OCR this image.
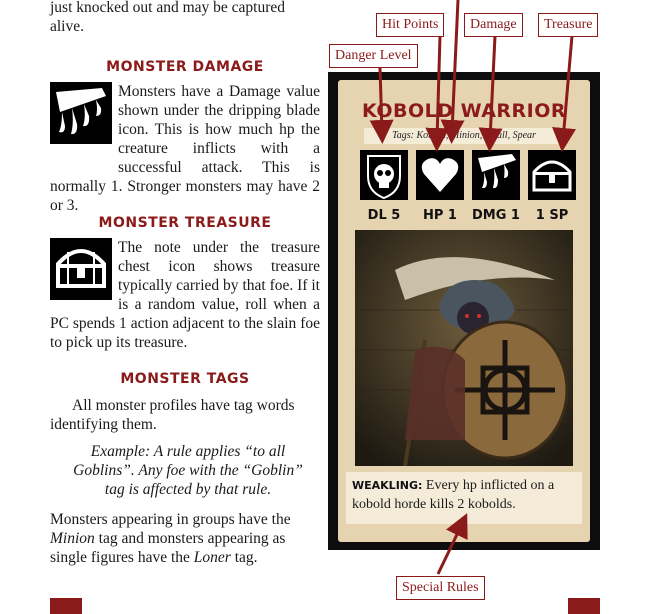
just knocked out and may be captured alive.

MONSTER DAMAGE

Monsters have a Damage value shown under the dripping blade icon. This is how much hp the creature inflicts with a successful attack. This is normally 1. Stronger monsters may have 2 or 3.

MONSTER TREASURE

The note under the treasure chest icon shows treasure typically carried by that foe. If it is a random value, roll when a PC spends 1 action adjacent to the slain foe to pick up its treasure.

MONSTER TAGS

All monster profiles have tag words identifying them.

Example: A rule applies “to all Goblins”. Any foe with the “Goblin” tag is affected by that rule.

Monsters appearing in groups have the Minion tag and monsters appearing as single figures have the Loner tag.

Hit Points	Damage	Treasure
Danger Level
Special Rules
KOBOLD WARRIOR
Tags: Kobold, Minion, Small, Spear
DL 5	HP 1	DMG 1	1 SP
WEAKLING: Every hp inflicted on a kobold horde kills 2 kobolds.
